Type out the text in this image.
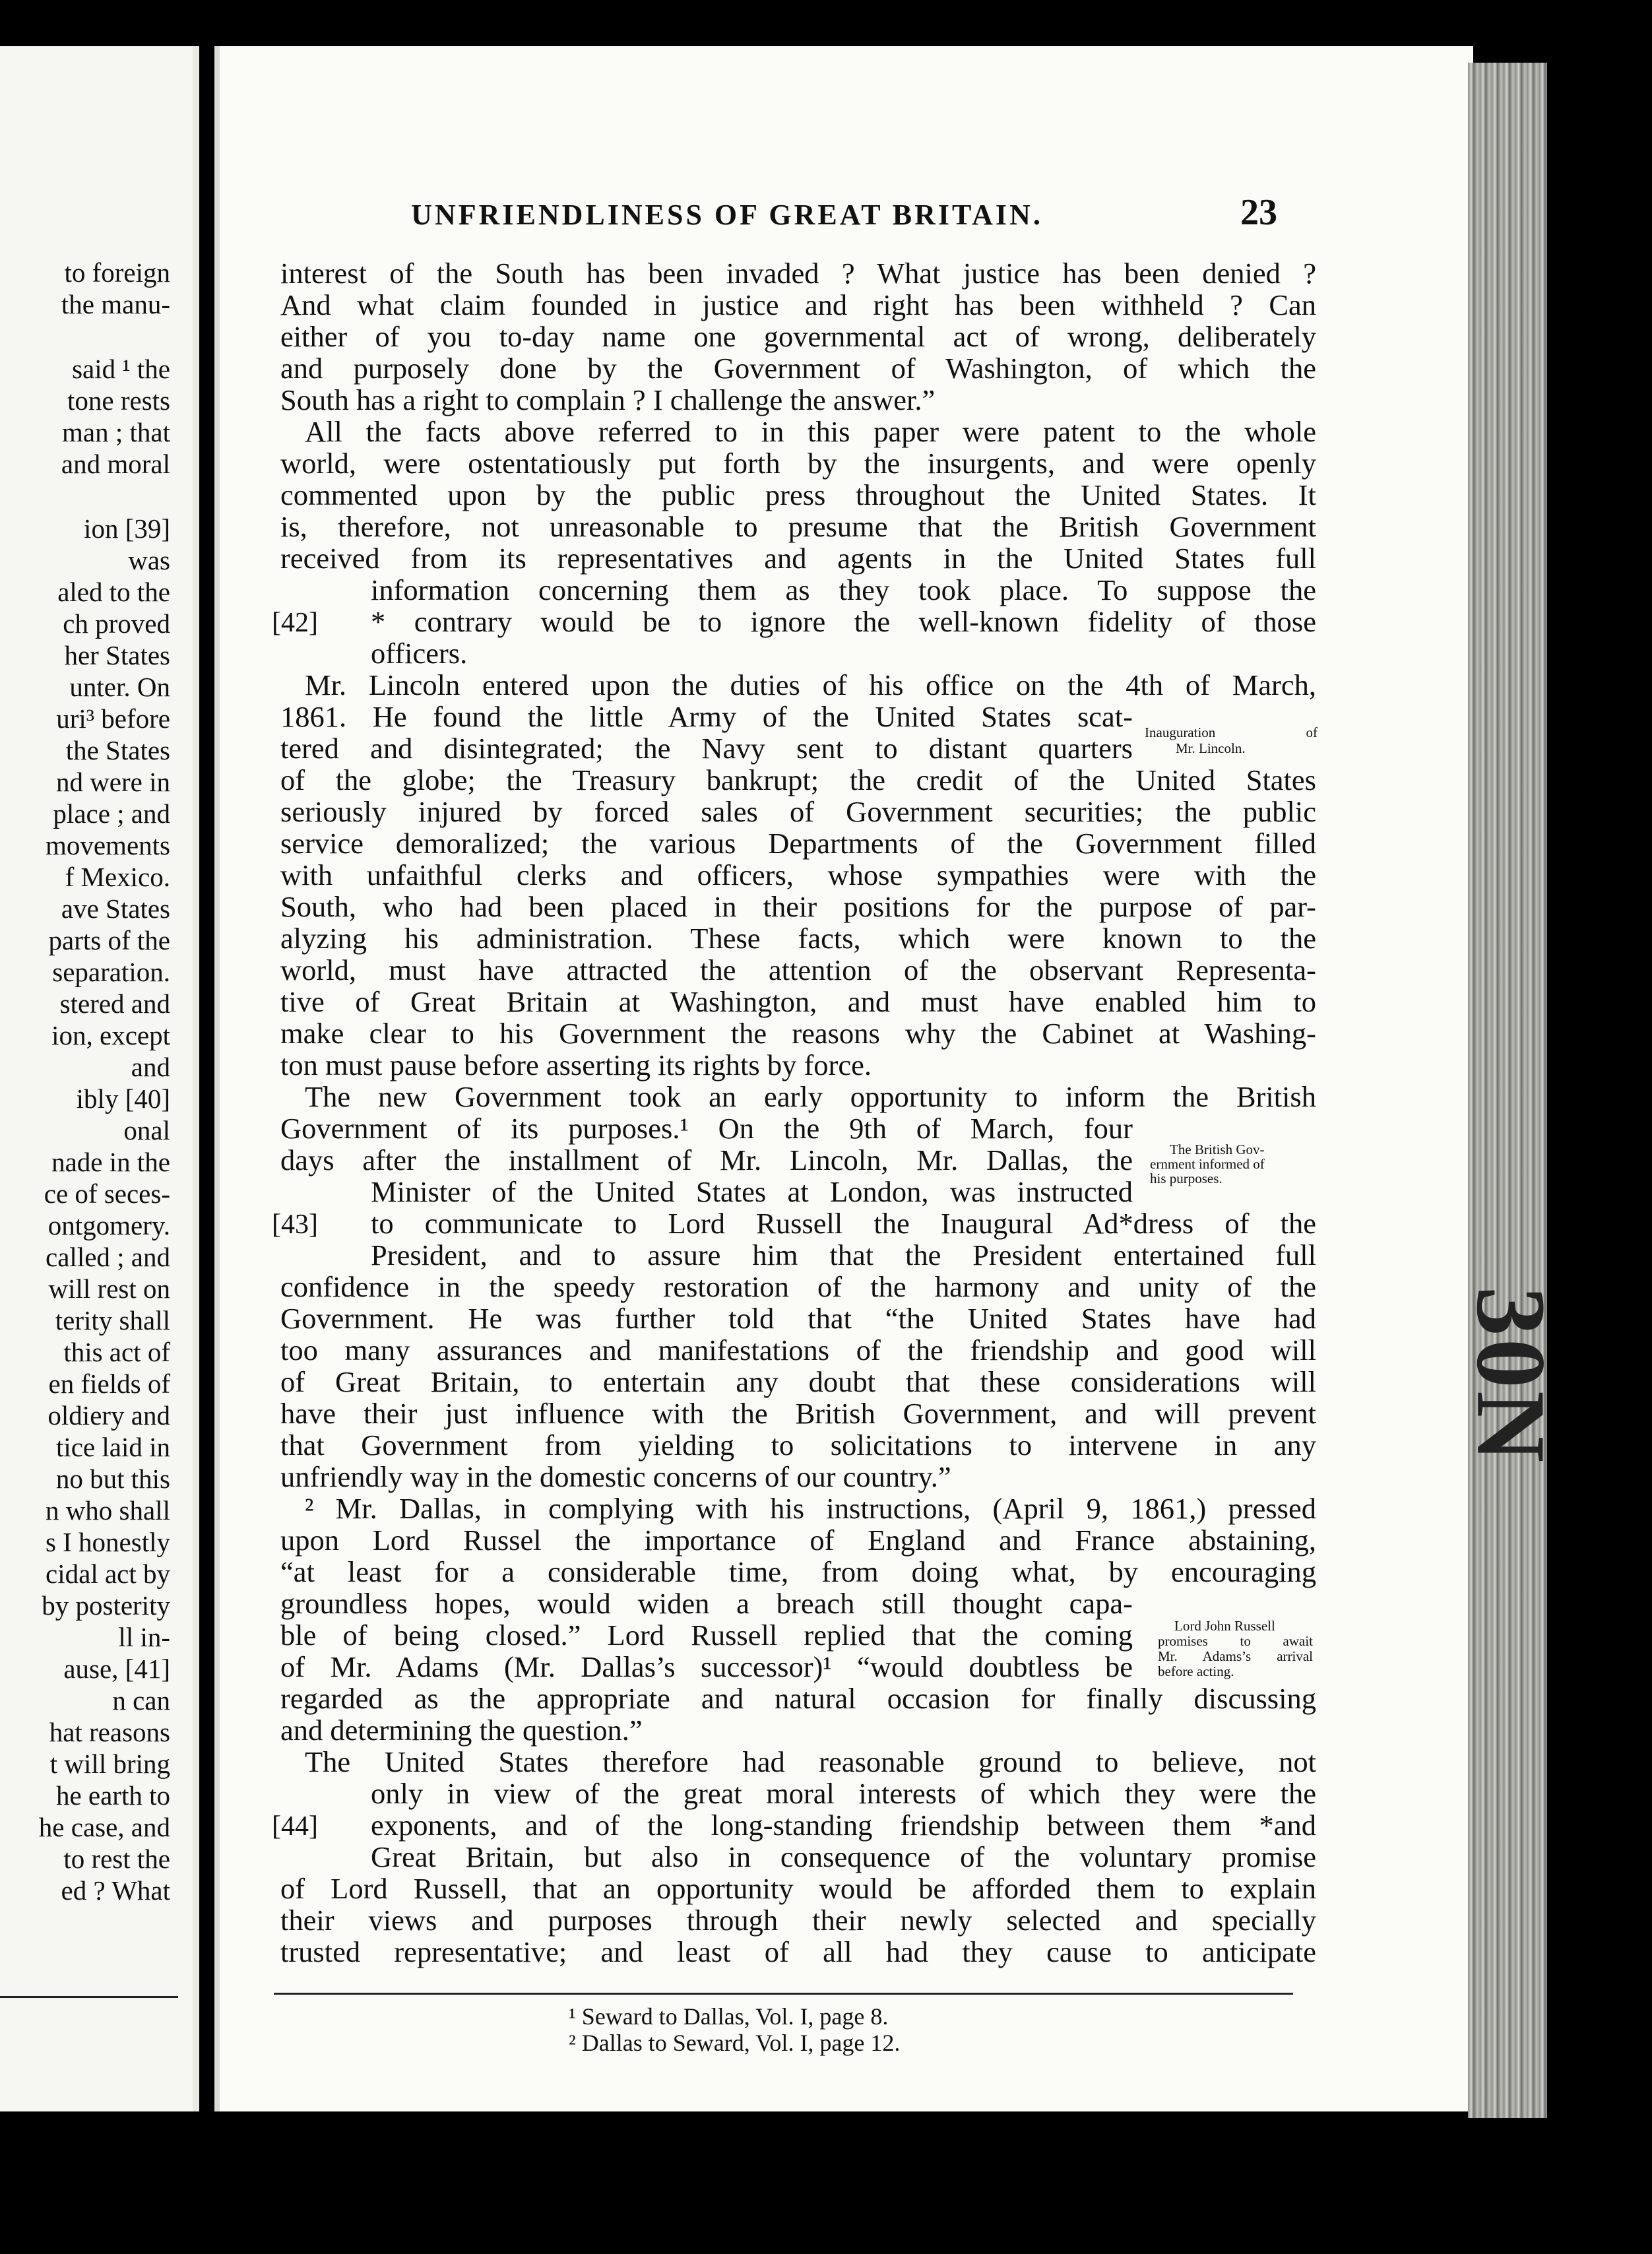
to foreign
the manu-
said ¹ the
tone rests
man ; that
and moral
ion [39]
was
aled to the
ch proved
her States
unter. On
uri³ before
the States
nd were in
place ; and
movements
f Mexico.
ave States
parts of the
separation.
stered and
ion, except
and
ibly [40]
onal
nade in the
ce of seces-
ontgomery.
called ; and
will rest on
terity shall
this act of
en fields of
oldiery and
tice laid in
no but this
n who shall
s I honestly
cidal act by
by posterity
ll in-
ause, [41]
n can
hat reasons
t will bring
he earth to
he case, and
to rest the
ed ? What
30N
UNFRIENDLINESS OF GREAT BRITAIN.	23
interest of the South has been invaded ? What justice has been denied ?
And what claim founded in justice and right has been withheld ? Can
either of you to-day name one governmental act of wrong, deliberately
and purposely done by the Government of Washington, of which the
South has a right to complain ? I challenge the answer.”
All the facts above referred to in this paper were patent to the whole
world, were ostentatiously put forth by the insurgents, and were openly
commented upon by the public press throughout the United States. It
is, therefore, not unreasonable to presume that the British Government
received from its representatives and agents in the United States full
information concerning them as they took place. To suppose the
[42] * contrary would be to ignore the well-known fidelity of those
officers.
Mr. Lincoln entered upon the duties of his office on the 4th of March,
1861. He found the little Army of the United States scat-
tered and disintegrated; the Navy sent to distant quarters Inauguration of
Mr. Lincoln.
of the globe; the Treasury bankrupt; the credit of the United States
seriously injured by forced sales of Government securities; the public
service demoralized; the various Departments of the Government filled
with unfaithful clerks and officers, whose sympathies were with the
South, who had been placed in their positions for the purpose of par-
alyzing his administration. These facts, which were known to the
world, must have attracted the attention of the observant Representa-
tive of Great Britain at Washington, and must have enabled him to
make clear to his Government the reasons why the Cabinet at Washing-
ton must pause before asserting its rights by force.
The new Government took an early opportunity to inform the British
Government of its purposes.¹ On the 9th of March, four
days after the installment of Mr. Lincoln, Mr. Dallas, the	The British Gov-
ernment informed of
his purposes.
Minister of the United States at London, was instructed
[43] to communicate to Lord Russell the Inaugural Ad*dress of the
President, and to assure him that the President entertained full
confidence in the speedy restoration of the harmony and unity of the
Government. He was further told that “the United States have had
too many assurances and manifestations of the friendship and good will
of Great Britain, to entertain any doubt that these considerations will
have their just influence with the British Government, and will prevent
that Government from yielding to solicitations to intervene in any
unfriendly way in the domestic concerns of our country.”
² Mr. Dallas, in complying with his instructions, (April 9, 1861,) pressed
upon Lord Russel the importance of England and France abstaining,
“at least for a considerable time, from doing what, by encouraging
groundless hopes, would widen a breach still thought capa-
ble of being closed.” Lord Russell replied that the coming
of Mr. Adams (Mr. Dallas’s successor)¹ “would doubtless be
Lord John Russell
promises to await
Mr. Adams’s arrival
before acting.
regarded as the appropriate and natural occasion for finally discussing
and determining the question.”
The United States therefore had reasonable ground to believe, not
only in view of the great moral interests of which they were the
[44] exponents, and of the long-standing friendship between them *and
Great Britain, but also in consequence of the voluntary promise
of Lord Russell, that an opportunity would be afforded them to explain
their views and purposes through their newly selected and specially
trusted representative; and least of all had they cause to anticipate
¹ Seward to Dallas, Vol. I, page 8.
² Dallas to Seward, Vol. I, page 12.
